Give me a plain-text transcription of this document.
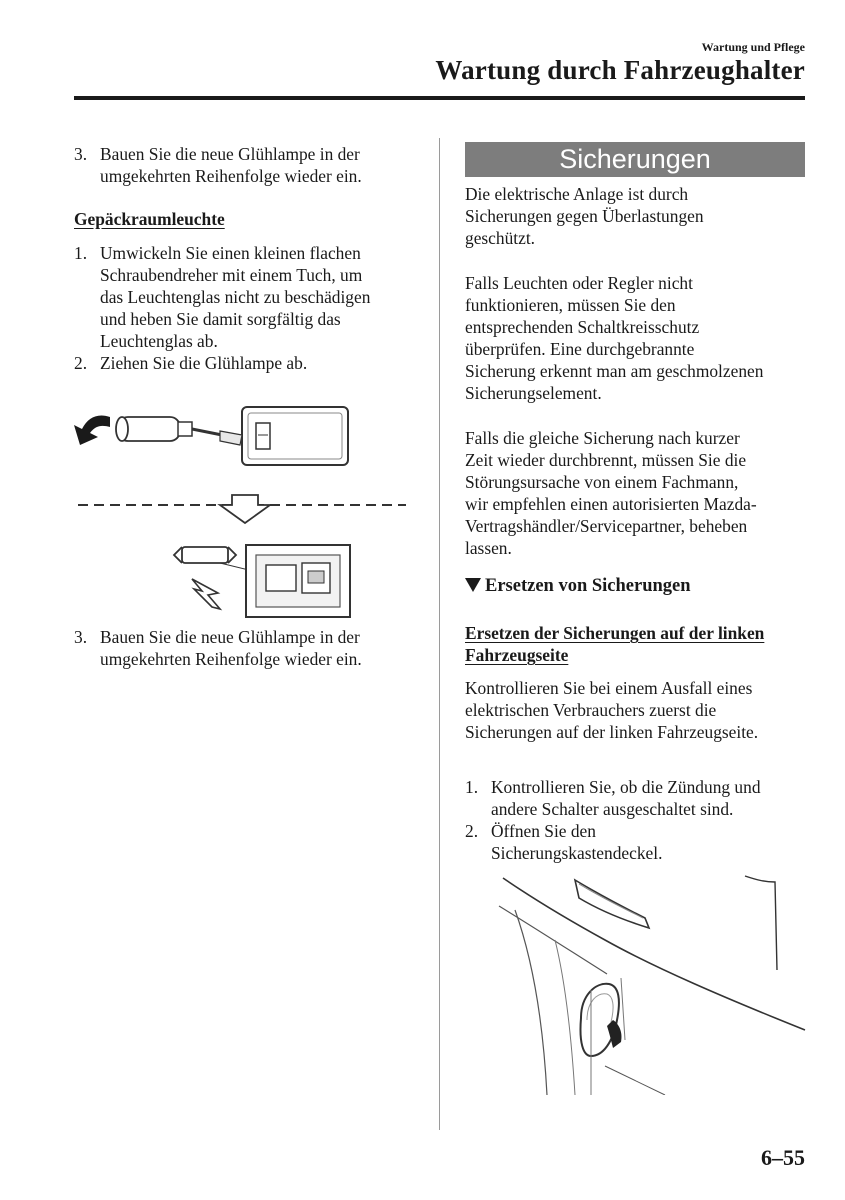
Wartung und Pflege
Wartung durch Fahrzeughalter
3. Bauen Sie die neue Glühlampe in der
umgekehrten Reihenfolge wieder ein.
Gepäckraumleuchte
1. Umwickeln Sie einen kleinen flachen
Schraubendreher mit einem Tuch, um
das Leuchtenglas nicht zu beschädigen
und heben Sie damit sorgfältig das
Leuchtenglas ab.
2. Ziehen Sie die Glühlampe ab.
3. Bauen Sie die neue Glühlampe in der
umgekehrten Reihenfolge wieder ein.
Sicherungen
Die elektrische Anlage ist durch
Sicherungen gegen Überlastungen
geschützt.
Falls Leuchten oder Regler nicht
funktionieren, müssen Sie den
entsprechenden Schaltkreisschutz
überprüfen. Eine durchgebrannte
Sicherung erkennt man am geschmolzenen
Sicherungselement.
Falls die gleiche Sicherung nach kurzer
Zeit wieder durchbrennt, müssen Sie die
Störungsursache von einem Fachmann,
wir empfehlen einen autorisierten Mazda-
Vertragshändler/Servicepartner, beheben
lassen.
Ersetzen von Sicherungen
Ersetzen der Sicherungen auf der linken
Fahrzeugseite
Kontrollieren Sie bei einem Ausfall eines
elektrischen Verbrauchers zuerst die
Sicherungen auf der linken Fahrzeugseite.
1. Kontrollieren Sie, ob die Zündung und
andere Schalter ausgeschaltet sind.
2. Öffnen Sie den
Sicherungskastendeckel.
6–55
